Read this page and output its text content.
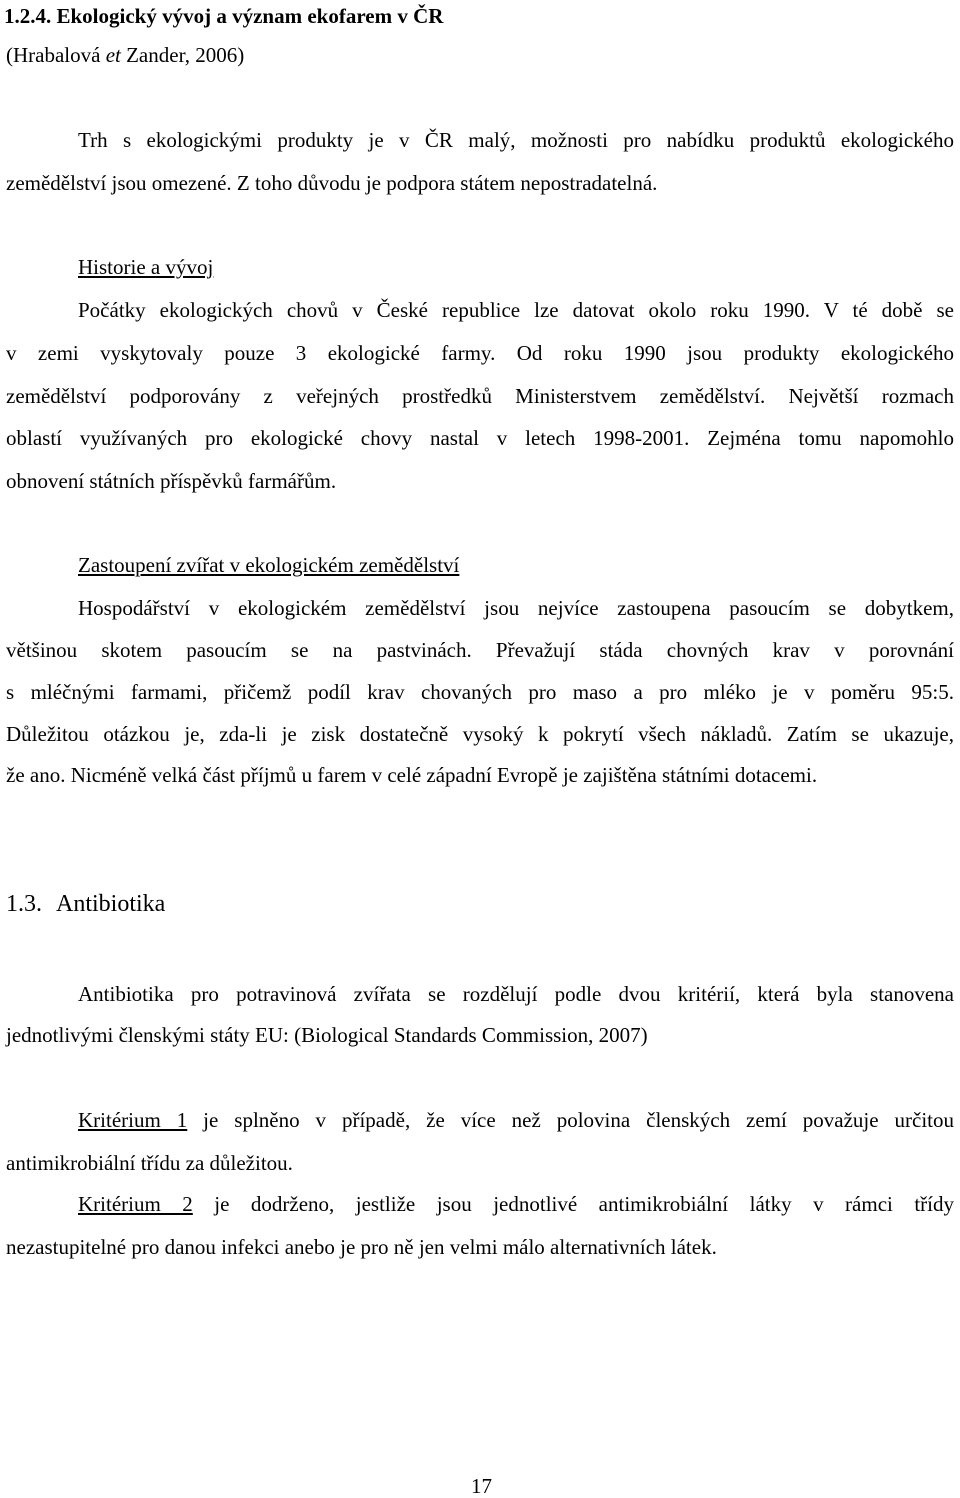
1.2.4. Ekologický vývoj a význam ekofarem v ČR
(Hrabalová et Zander, 2006)
Trh s ekologickými produkty je v ČR malý, možnosti pro nabídku produktů ekologického
zemědělství jsou omezené. Z toho důvodu je podpora státem nepostradatelná.
Historie a vývoj
Počátky ekologických chovů v České republice lze datovat okolo roku 1990. V té době se
v zemi vyskytovaly pouze 3 ekologické farmy. Od roku 1990 jsou produkty ekologického
zemědělství podporovány z veřejných prostředků Ministerstvem zemědělství. Největší rozmach
oblastí využívaných pro ekologické chovy nastal v letech 1998-2001. Zejména tomu napomohlo
obnovení státních příspěvků farmářům.
Zastoupení zvířat v ekologickém zemědělství
Hospodářství v ekologickém zemědělství jsou nejvíce zastoupena pasoucím se dobytkem,
většinou skotem pasoucím se na pastvinách. Převažují stáda chovných krav v porovnání
s mléčnými farmami, přičemž podíl krav chovaných pro maso a pro mléko je v poměru 95:5.
Důležitou otázkou je, zda-li je zisk dostatečně vysoký k pokrytí všech nákladů. Zatím se ukazuje,
že ano. Nicméně velká část příjmů u farem v celé západní Evropě je zajištěna státními dotacemi.
1.3. Antibiotika
Antibiotika pro potravinová zvířata se rozdělují podle dvou kritérií, která byla stanovena
jednotlivými členskými státy EU: (Biological Standards Commission, 2007)
Kritérium 1 je splněno v případě, že více než polovina členských zemí považuje určitou
antimikrobiální třídu za důležitou.
Kritérium 2 je dodrženo, jestliže jsou jednotlivé antimikrobiální látky v rámci třídy
nezastupitelné pro danou infekci anebo je pro ně jen velmi málo alternativních látek.
17
